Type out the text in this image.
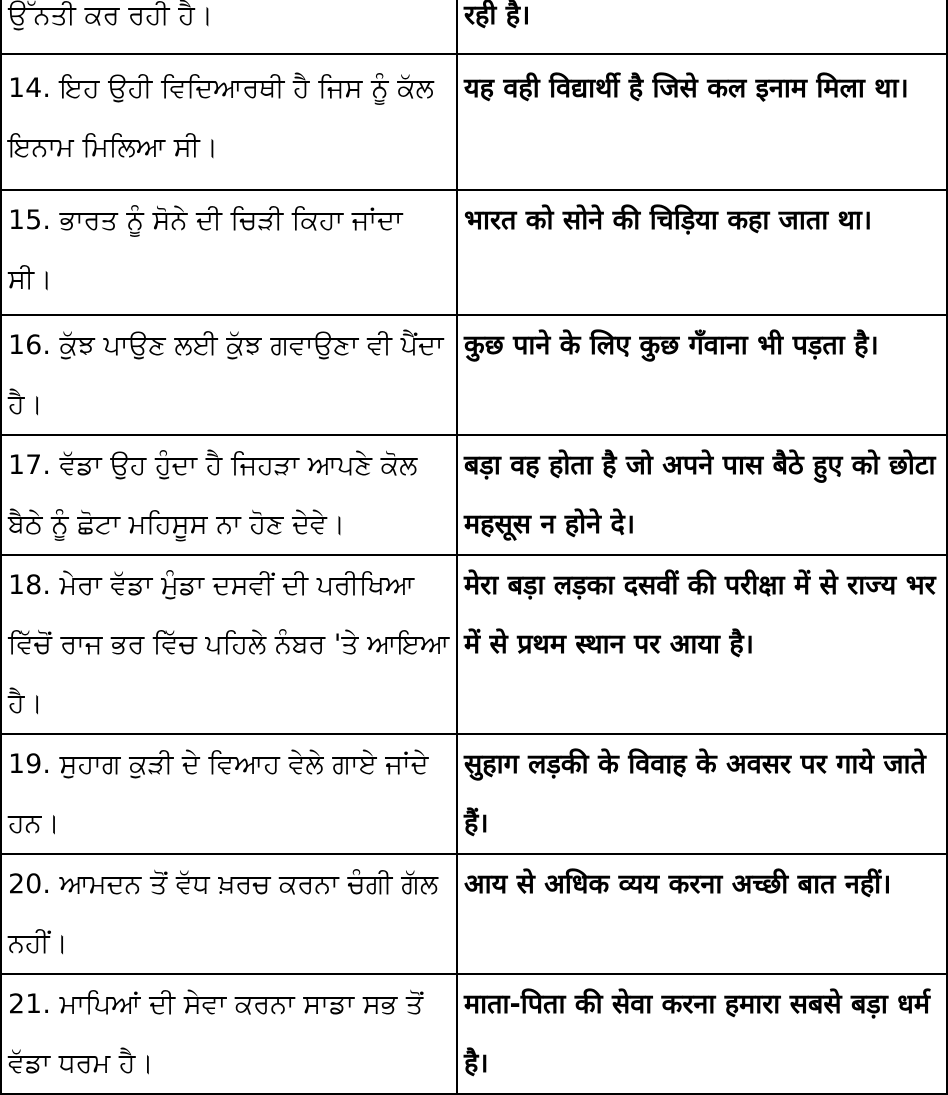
ਉੱਨਤੀ ਕਰ ਰਹੀ ਹੈ।	रही है।
14. ਇਹ ਉਹੀ ਵਿਦਿਆਰਥੀ ਹੈ ਜਿਸ ਨੂੰ ਕੱਲ ਇਨਾਮ ਮਿਲਿਆ ਸੀ।	यह वही विद्यार्थी है जिसे कल इनाम मिला था।
15. ਭਾਰਤ ਨੂੰ ਸੋਨੇ ਦੀ ਚਿੜੀ ਕਿਹਾ ਜਾਂਦਾ ਸੀ।	भारत को सोने की चिड़िया कहा जाता था।
16. ਕੁੱਝ ਪਾਉਣ ਲਈ ਕੁੱਝ ਗਵਾਉਣਾ ਵੀ ਪੈਂਦਾ ਹੈ।	कुछ पाने के लिए कुछ गँवाना भी पड़ता है।
17. ਵੱਡਾ ਉਹ ਹੁੰਦਾ ਹੈ ਜਿਹੜਾ ਆਪਣੇ ਕੋਲ ਬੈਠੇ ਨੂੰ ਛੋਟਾ ਮਹਿਸੂਸ ਨਾ ਹੋਣ ਦੇਵੇ।	बड़ा वह होता है जो अपने पास बैठे हुए को छोटा महसूस न होने दे।
18. ਮੇਰਾ ਵੱਡਾ ਮੁੰਡਾ ਦਸਵੀਂ ਦੀ ਪਰੀਖਿਆ ਵਿੱਚੋਂ ਰਾਜ ਭਰ ਵਿੱਚ ਪਹਿਲੇ ਨੰਬਰ 'ਤੇ ਆਇਆ ਹੈ।	मेरा बड़ा लड़का दसवीं की परीक्षा में से राज्य भर में से प्रथम स्थान पर आया है।
19. ਸੁਹਾਗ ਕੁੜੀ ਦੇ ਵਿਆਹ ਵੇਲੇ ਗਾਏ ਜਾਂਦੇ ਹਨ।	सुहाग लड़की के विवाह के अवसर पर गाये जाते हैं।
20. ਆਮਦਨ ਤੋਂ ਵੱਧ ਖ਼ਰਚ ਕਰਨਾ ਚੰਗੀ ਗੱਲ ਨਹੀਂ।	आय से अधिक व्यय करना अच्छी बात नहीं।
21. ਮਾਪਿਆਂ ਦੀ ਸੇਵਾ ਕਰਨਾ ਸਾਡਾ ਸਭ ਤੋਂ ਵੱਡਾ ਧਰਮ ਹੈ।	माता-पिता की सेवा करना हमारा सबसे बड़ा धर्म है।
